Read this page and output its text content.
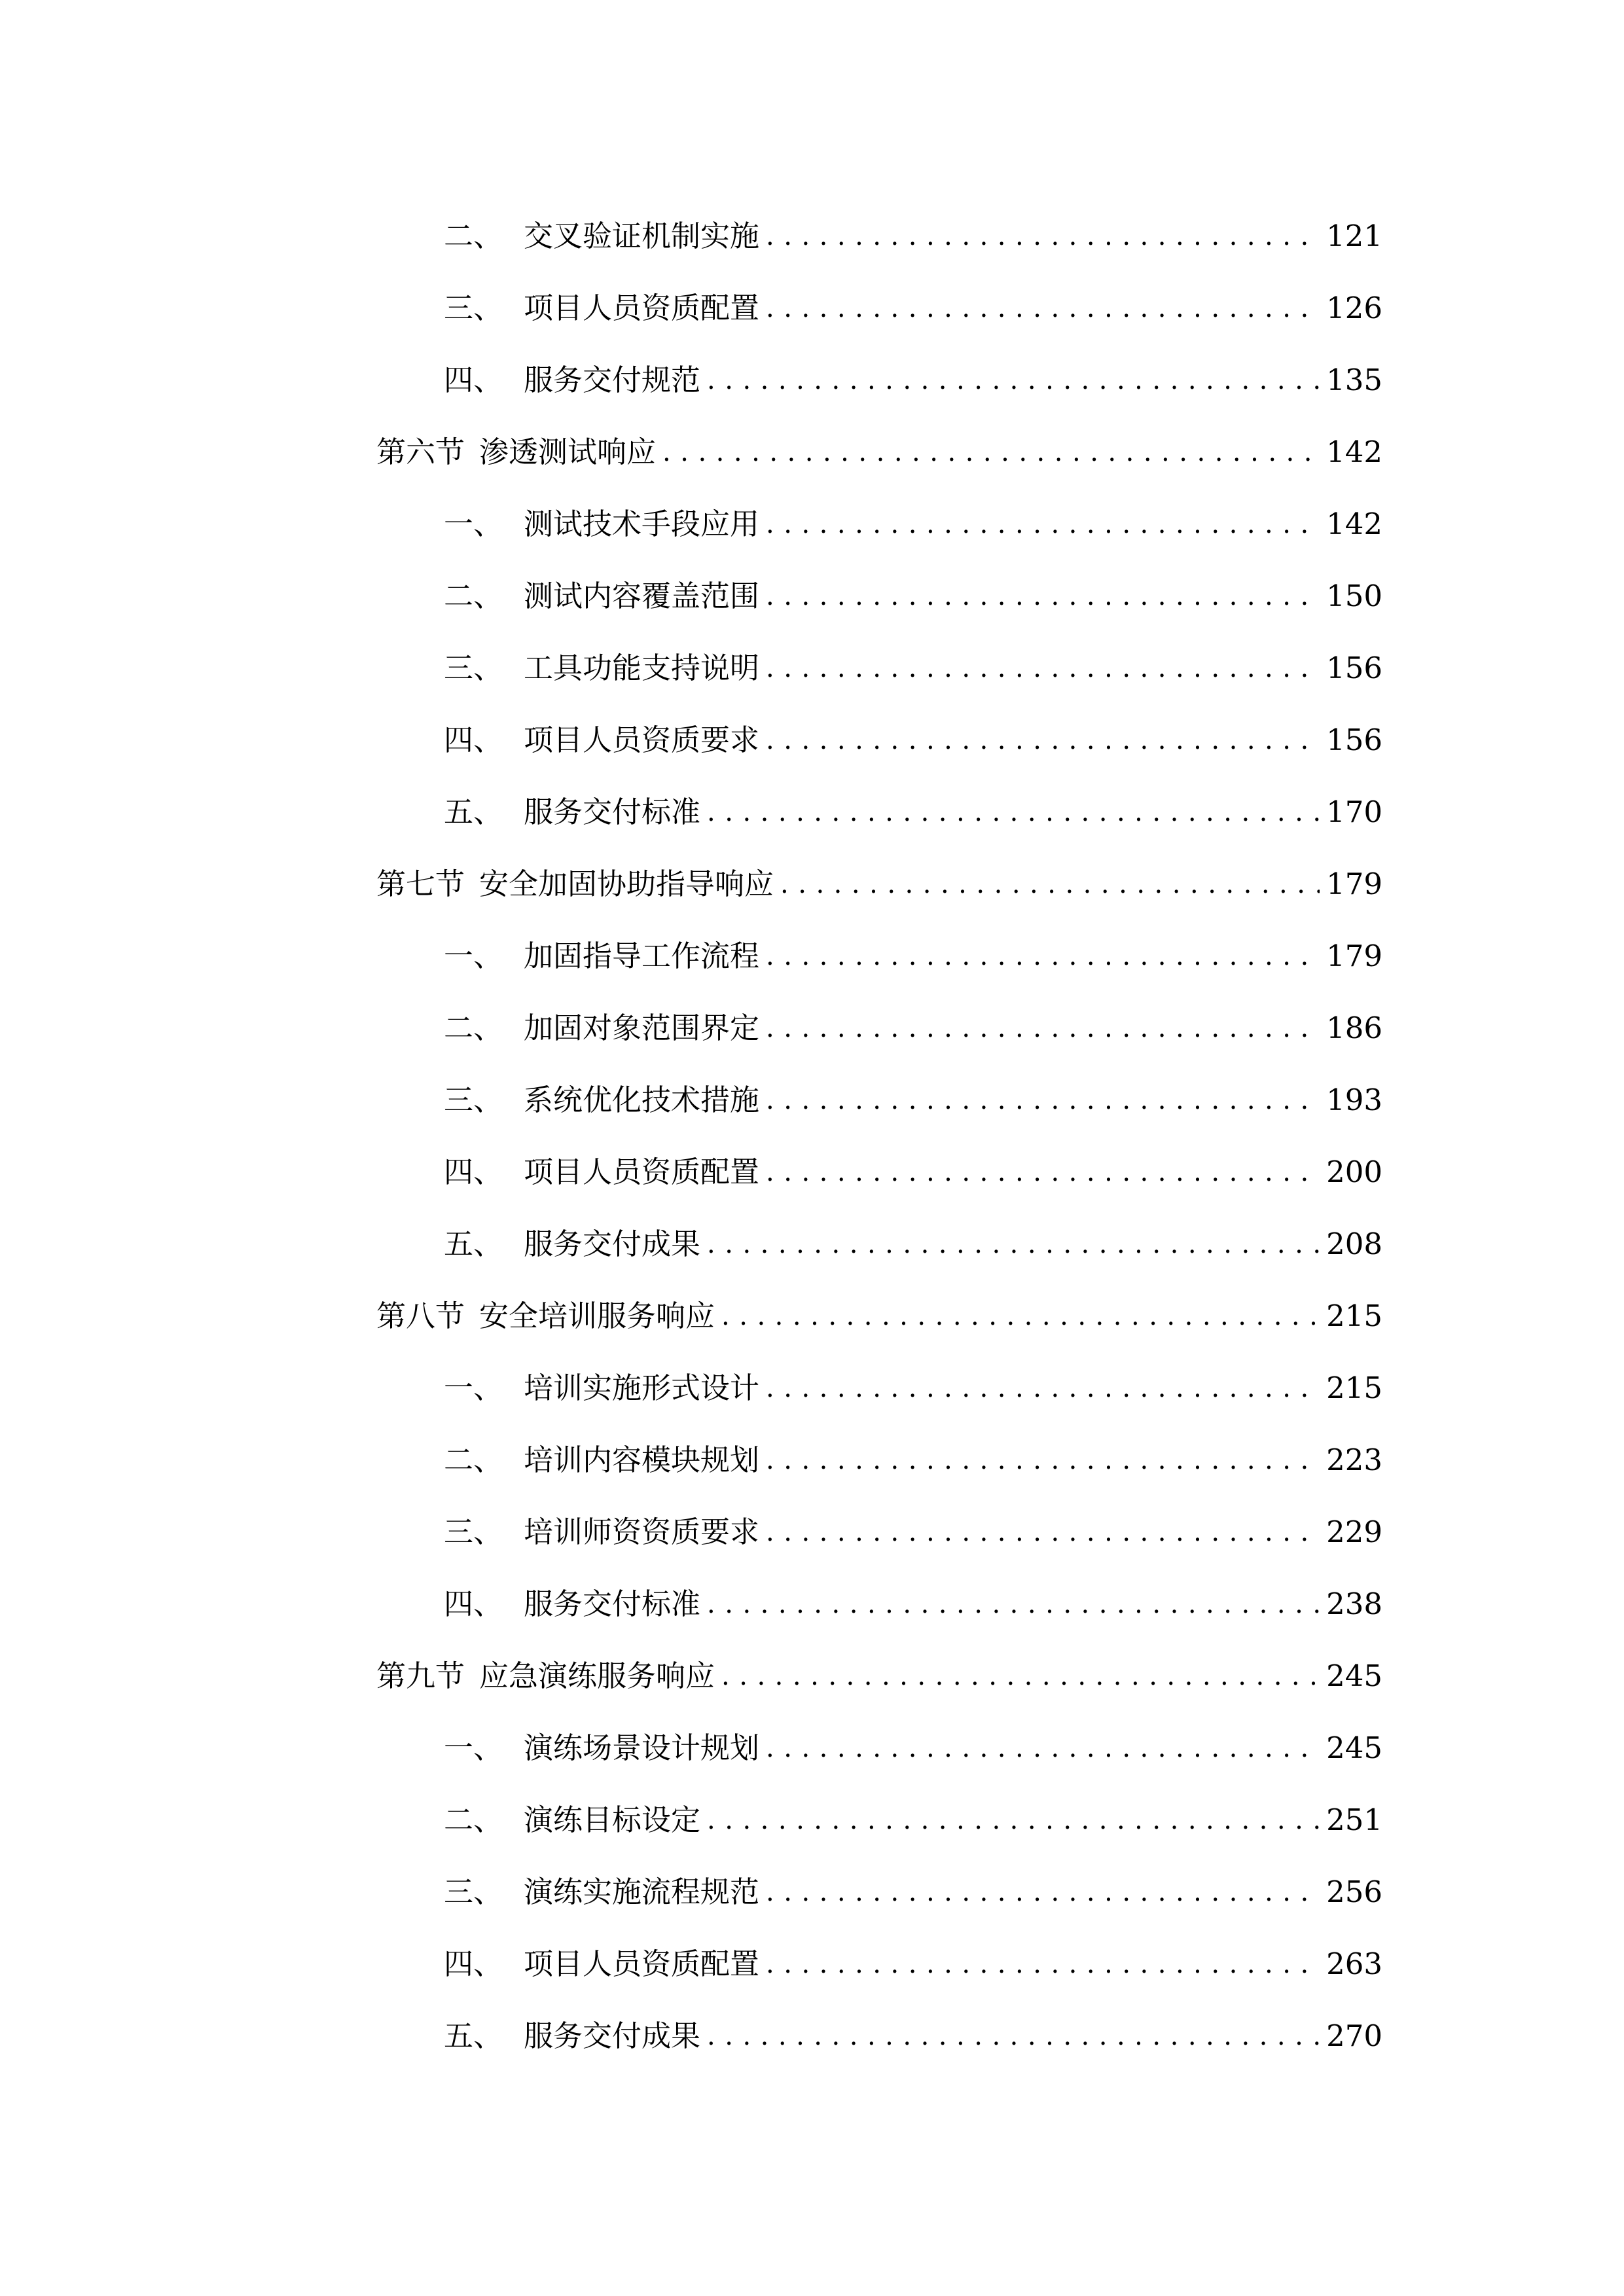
二、 交叉验证机制实施 .....	121
三、 项目人员资质配置 .....	126
四、 服务交付规范 .....	135
第六节 渗透测试响应 .....	142
一、 测试技术手段应用 .....	142
二、 测试内容覆盖范围 .....	150
三、 工具功能支持说明 .....	156
四、 项目人员资质要求 .....	156
五、 服务交付标准 .....	170
第七节 安全加固协助指导响应 .....	179
一、 加固指导工作流程 .....	179
二、 加固对象范围界定 .....	186
三、 系统优化技术措施 .....	193
四、 项目人员资质配置 .....	200
五、 服务交付成果 .....	208
第八节 安全培训服务响应 .....	215
一、 培训实施形式设计 .....	215
二、 培训内容模块规划 .....	223
三、 培训师资资质要求 .....	229
四、 服务交付标准 .....	238
第九节 应急演练服务响应 .....	245
一、 演练场景设计规划 .....	245
二、 演练目标设定 .....	251
三、 演练实施流程规范 .....	256
四、 项目人员资质配置 .....	263
五、 服务交付成果 .....	270
